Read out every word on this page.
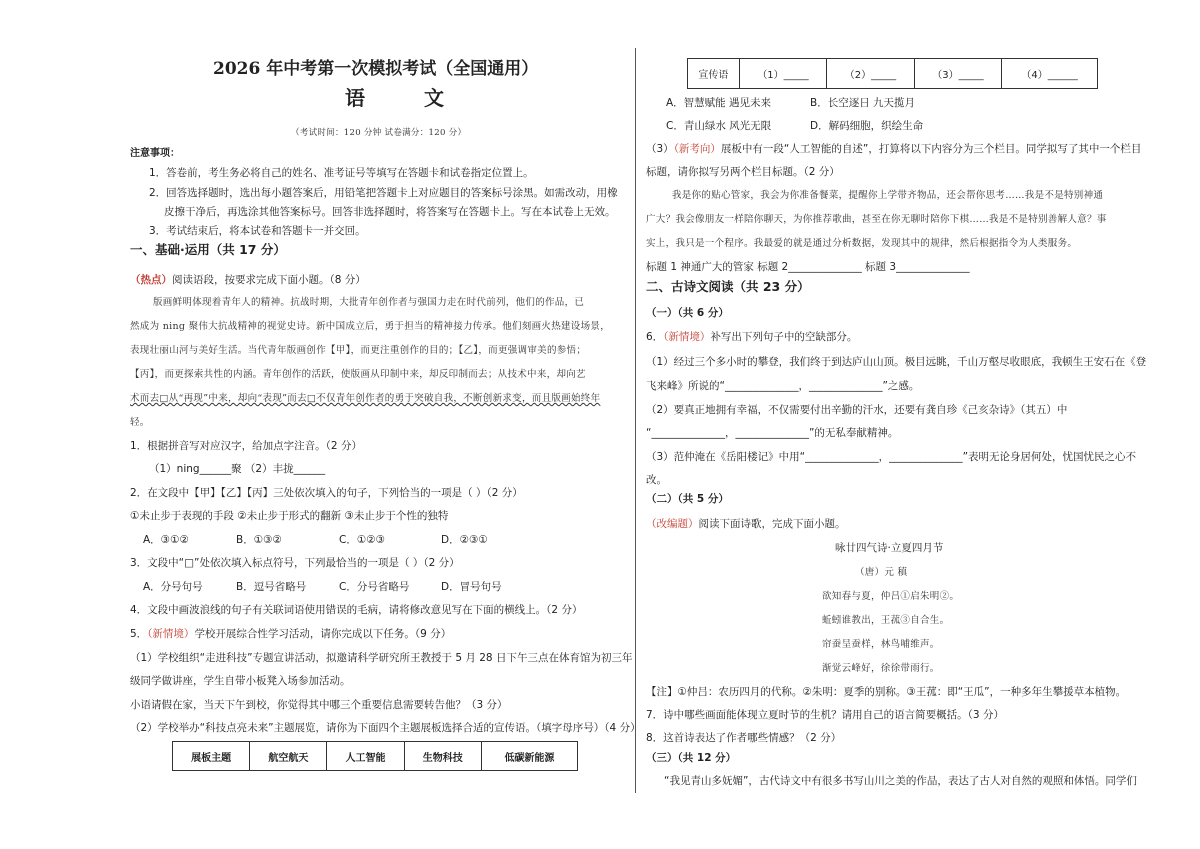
2026 年中考第一次模拟考试（全国通用）
语 文
（考试时间：120 分钟 试卷满分：120 分）
注意事项：
1．答卷前，考生务必将自己的姓名、准考证号等填写在答题卡和试卷指定位置上。
2．回答选择题时，选出每小题答案后，用铅笔把答题卡上对应题目的答案标号涂黑。如需改动，用橡
皮擦干净后，再选涂其他答案标号。回答非选择题时，将答案写在答题卡上。写在本试卷上无效。
3．考试结束后，将本试卷和答题卡一并交回。
一、基础·运用（共 17 分）
（热点）阅读语段，按要求完成下面小题。（8 分）
版画鲜明体现着青年人的精神。抗战时期，大批青年创作者与强国力走在时代前列，他们的作品，已
然成为 ning 聚伟大抗战精神的视觉史诗。新中国成立后，勇于担当的精神接力传承。他们刻画火热建设场景，
表现壮丽山河与美好生活。当代青年版画创作【甲】，而更注重创作的目的；【乙】，而更强调审美的参悟；
【丙】，而更探索共性的内涵。青年创作的活跃，使版画从印制中来，却反印制而去；从技术中来，却向艺
术而去□从“再现”中来，却向“表现”而去□不仅青年创作者的勇于突破自我，不断创新求变，而且版画始终年
轻。
1．根据拼音写对应汉字，给加点字注音。（2 分）
（1）ning______聚 （2）丰拢______
2．在文段中【甲】【乙】【丙】三处依次填入的句子，下列恰当的一项是（ ）（2 分）
①未止步于表现的手段 ②未止步于形式的翻新 ③未止步于个性的独特
A．③①②	B．①③②	C．①②③	D．②③①
3．文段中“□”处依次填入标点符号，下列最恰当的一项是（ ）（2 分）
A．分号句号	B．逗号省略号	C．分号省略号	D．冒号句号
4．文段中画波浪线的句子有关联词语使用错误的毛病，请将修改意见写在下面的横线上。（2 分）
5．（新情境）学校开展综合性学习活动，请你完成以下任务。（9 分）
（1）学校组织“走进科技”专题宣讲活动，拟邀请科学研究所王教授于 5 月 28 日下午三点在体育馆为初三年
级同学做讲座，学生自带小板凳入场参加活动。
小语请假在家，当天下午到校，你觉得其中哪三个重要信息需要转告他？（3 分）
（2）学校举办“科技点亮未来”主题展览，请你为下面四个主题展板选择合适的宣传语。（填字母序号）（4 分）
展板主题	航空航天	人工智能	生物科技	低碳新能源
宣传语	（1）_____	（2）_____	（3）_____	（4）______
A．智慧赋能 遇见未来	B．长空逐日 九天揽月
C．青山绿水 风光无限	D．解码细胞，织绘生命
（3）（新考向）展板中有一段“人工智能的自述”，打算将以下内容分为三个栏目。同学拟写了其中一个栏目
标题，请你拟写另两个栏目标题。（2 分）
我是你的贴心管家，我会为你准备餐菜，提醒你上学带齐物品，还会帮你思考……我是不是特别神通
广大？我会像朋友一样陪你聊天，为你推荐歌曲，甚至在你无聊时陪你下棋……我是不是特别善解人意？事
实上，我只是一个程序。我最爱的就是通过分析数据，发现其中的规律，然后根据指令为人类服务。
标题 1 神通广大的管家 标题 2______________ 标题 3______________
二、古诗文阅读（共 23 分）
（一）（共 6 分）
6．（新情境）补写出下列句子中的空缺部分。
（1）经过三个多小时的攀登，我们终于到达庐山山顶。极目远眺，千山万壑尽收眼底，我顿生王安石在《登
飞来峰》所说的“______________，______________”之感。
（2）要真正地拥有幸福，不仅需要付出辛勤的汗水，还要有龚自珍《己亥杂诗》（其五）中
“______________，______________”的无私奉献精神。
（3）范仲淹在《岳阳楼记》中用“______________，______________”表明无论身居何处，忧国忧民之心不
改。
（二）（共 5 分）
（改编题）阅读下面诗歌，完成下面小题。
咏廿四气诗·立夏四月节
（唐）元 稹
欲知春与夏，仲吕①启朱明②。
蚯蚓谁教出，王菰③自合生。
帘蚕呈蚕样，林鸟哺维声。
渐觉云峰好，徐徐带雨行。
【注】①仲吕：农历四月的代称。②朱明：夏季的别称。③王菰：即“王瓜”，一种多年生攀援草本植物。
7．诗中哪些画面能体现立夏时节的生机？请用自己的语言简要概括。（3 分）
8．这首诗表达了作者哪些情感？（2 分）
（三）（共 12 分）
“我见青山多妩媚”，古代诗文中有很多书写山川之美的作品，表达了古人对自然的观照和体悟。同学们
